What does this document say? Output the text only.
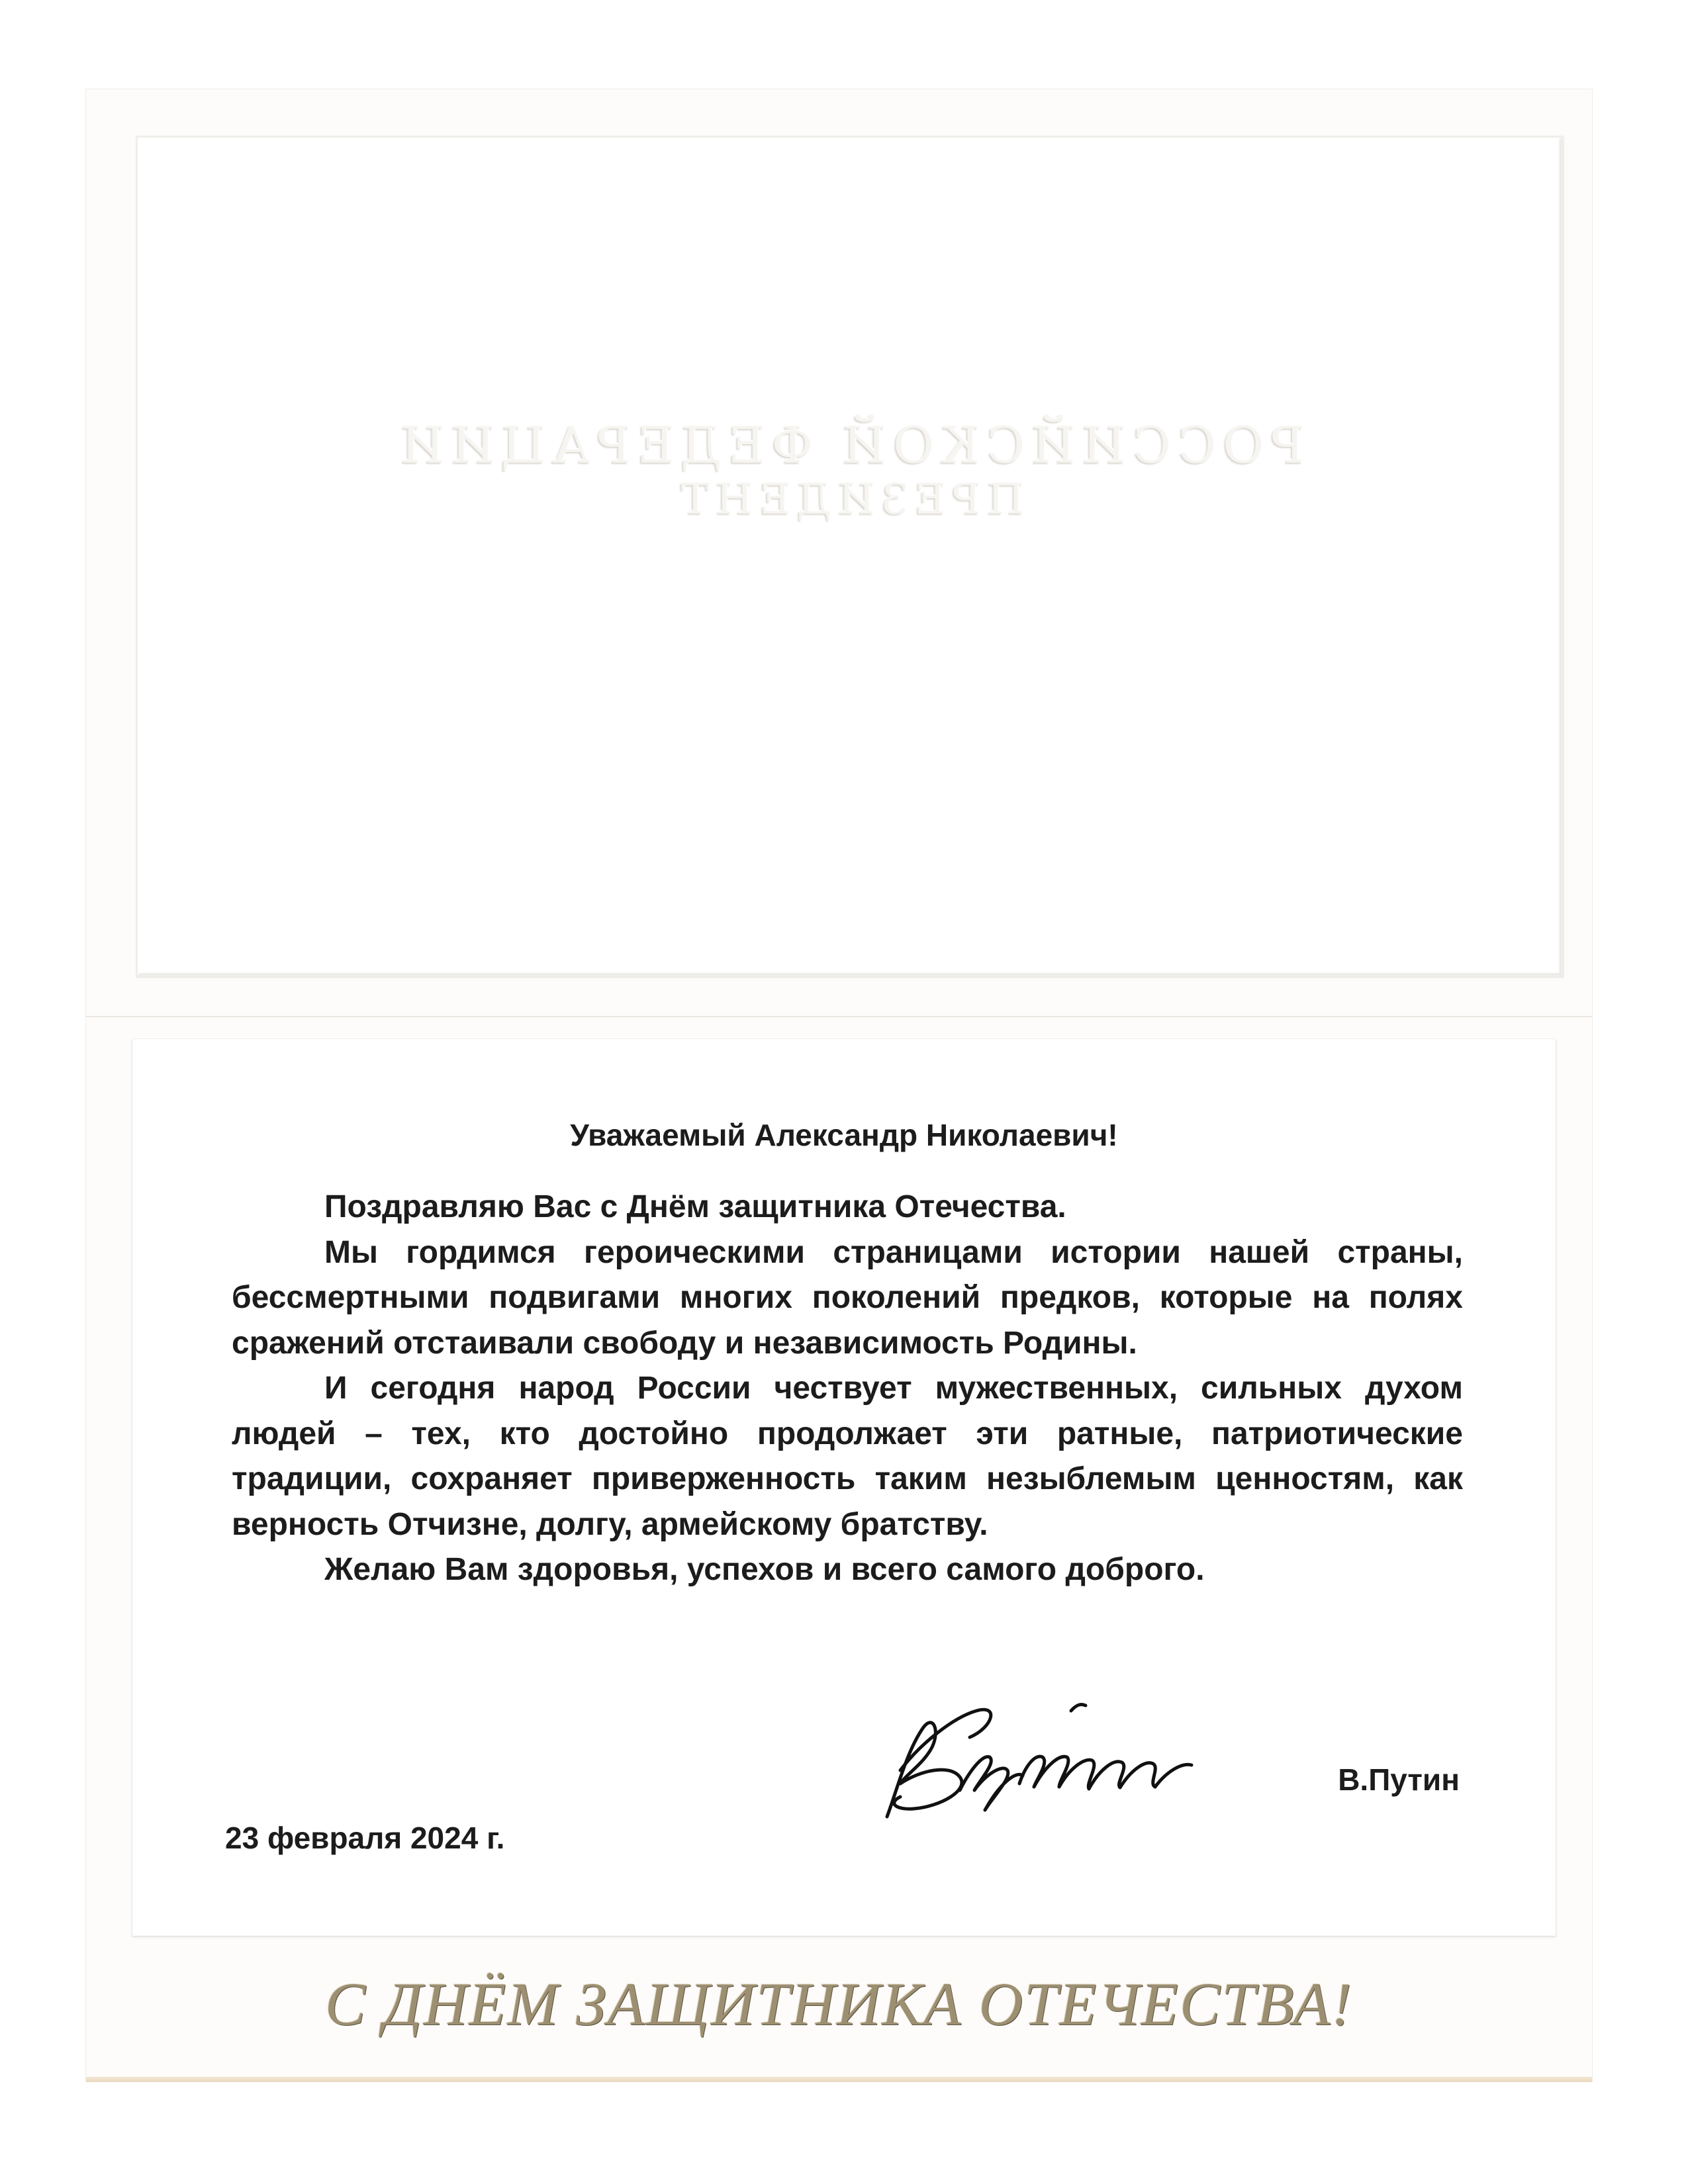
РОССИЙСКОЙ ФЕДЕРАЦИИ
ПРЕЗИДЕНТ
Уважаемый Александр Николаевич!

Поздравляю Вас с Днём защитника Отечества.

Мы гордимся героическими страницами истории нашей страны, бессмертными подвигами многих поколений предков, которые на полях сражений отстаивали свободу и независимость Родины.

И сегодня народ России чествует мужественных, сильных духом людей – тех, кто достойно продолжает эти ратные, патриотические традиции, сохраняет приверженность таким незыблемым ценностям, как верность Отчизне, долгу, армейскому братству.

Желаю Вам здоровья, успехов и всего самого доброго.

В.Путин
23 февраля 2024 г.
С ДНЁМ ЗАЩИТНИКА ОТЕЧЕСТВА!
